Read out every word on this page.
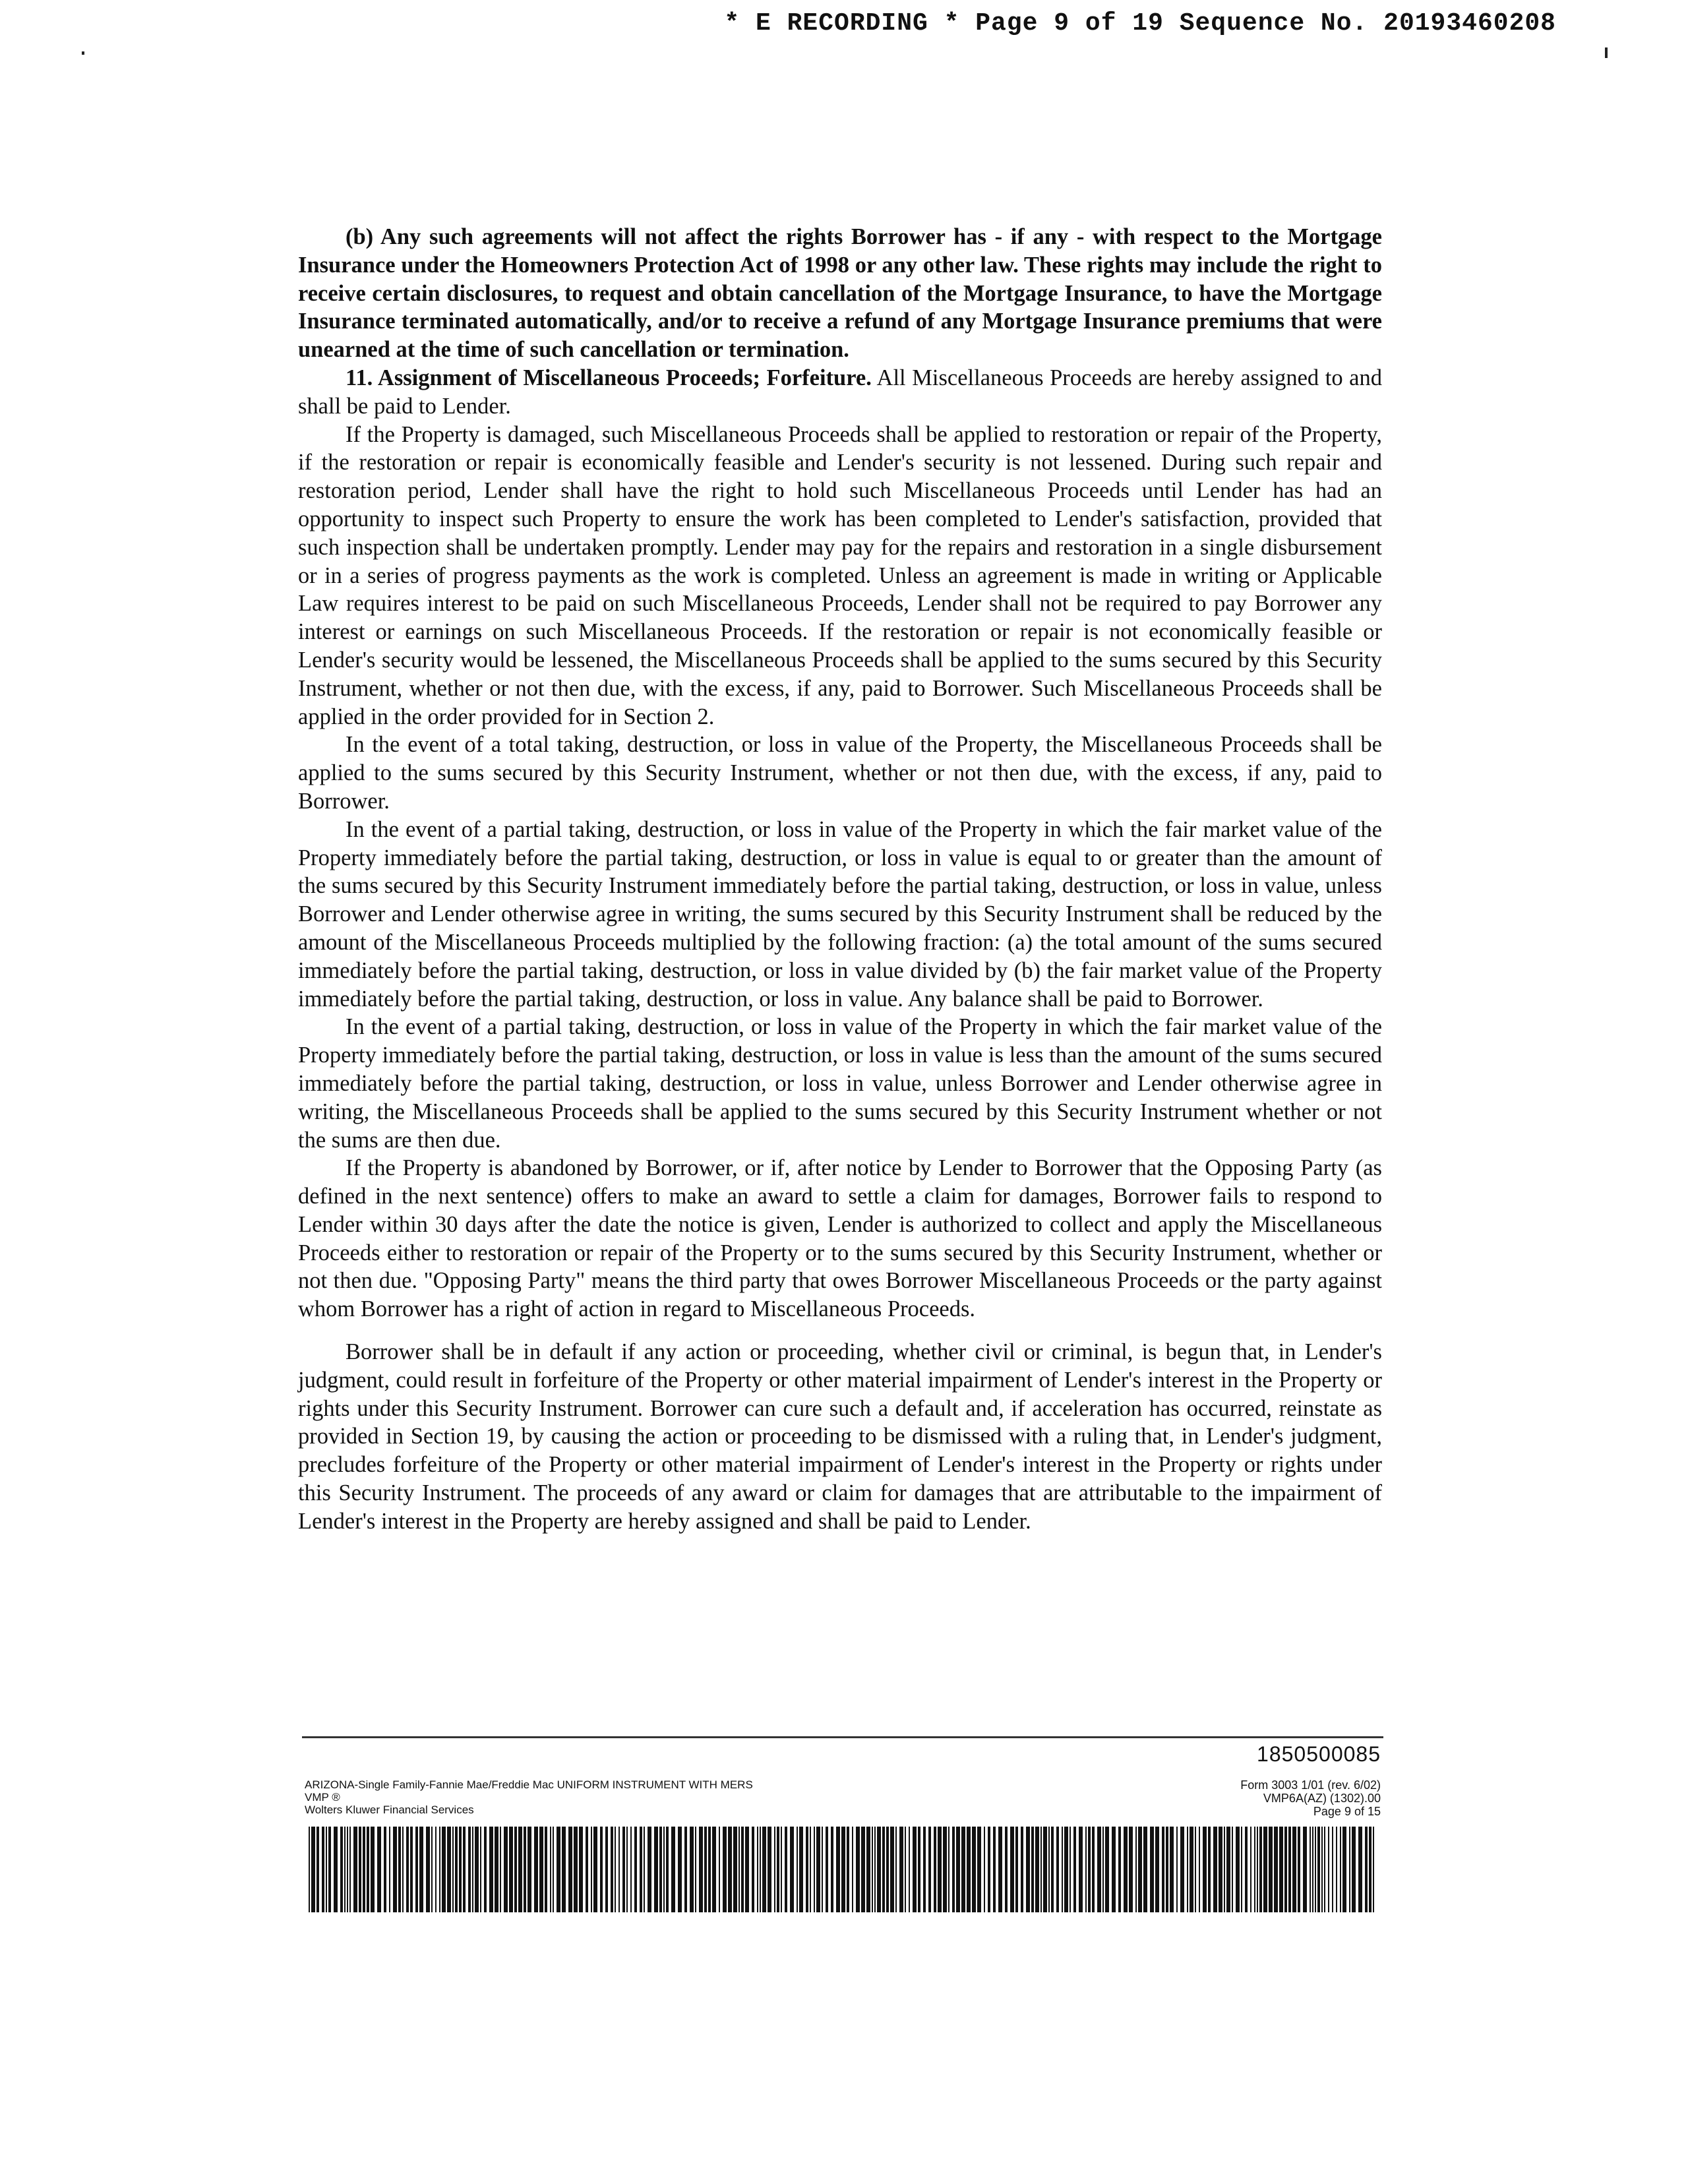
* E RECORDING * Page 9 of 19 Sequence No. 20193460208

(b) Any such agreements will not affect the rights Borrower has - if any - with respect to the Mortgage Insurance under the Homeowners Protection Act of 1998 or any other law. These rights may include the right to receive certain disclosures, to request and obtain cancellation of the Mortgage Insurance, to have the Mortgage Insurance terminated automatically, and/or to receive a refund of any Mortgage Insurance premiums that were unearned at the time of such cancellation or termination.

11. Assignment of Miscellaneous Proceeds; Forfeiture. All Miscellaneous Proceeds are hereby assigned to and shall be paid to Lender.

If the Property is damaged, such Miscellaneous Proceeds shall be applied to restoration or repair of the Property, if the restoration or repair is economically feasible and Lender's security is not lessened. During such repair and restoration period, Lender shall have the right to hold such Miscellaneous Proceeds until Lender has had an opportunity to inspect such Property to ensure the work has been completed to Lender's satisfaction, provided that such inspection shall be undertaken promptly. Lender may pay for the repairs and restoration in a single disbursement or in a series of progress payments as the work is completed. Unless an agreement is made in writing or Applicable Law requires interest to be paid on such Miscellaneous Proceeds, Lender shall not be required to pay Borrower any interest or earnings on such Miscellaneous Proceeds. If the restoration or repair is not economically feasible or Lender's security would be lessened, the Miscellaneous Proceeds shall be applied to the sums secured by this Security Instrument, whether or not then due, with the excess, if any, paid to Borrower. Such Miscellaneous Proceeds shall be applied in the order provided for in Section 2.

In the event of a total taking, destruction, or loss in value of the Property, the Miscellaneous Proceeds shall be applied to the sums secured by this Security Instrument, whether or not then due, with the excess, if any, paid to Borrower.

In the event of a partial taking, destruction, or loss in value of the Property in which the fair market value of the Property immediately before the partial taking, destruction, or loss in value is equal to or greater than the amount of the sums secured by this Security Instrument immediately before the partial taking, destruction, or loss in value, unless Borrower and Lender otherwise agree in writing, the sums secured by this Security Instrument shall be reduced by the amount of the Miscellaneous Proceeds multiplied by the following fraction: (a) the total amount of the sums secured immediately before the partial taking, destruction, or loss in value divided by (b) the fair market value of the Property immediately before the partial taking, destruction, or loss in value. Any balance shall be paid to Borrower.

In the event of a partial taking, destruction, or loss in value of the Property in which the fair market value of the Property immediately before the partial taking, destruction, or loss in value is less than the amount of the sums secured immediately before the partial taking, destruction, or loss in value, unless Borrower and Lender otherwise agree in writing, the Miscellaneous Proceeds shall be applied to the sums secured by this Security Instrument whether or not the sums are then due.

If the Property is abandoned by Borrower, or if, after notice by Lender to Borrower that the Opposing Party (as defined in the next sentence) offers to make an award to settle a claim for damages, Borrower fails to respond to Lender within 30 days after the date the notice is given, Lender is authorized to collect and apply the Miscellaneous Proceeds either to restoration or repair of the Property or to the sums secured by this Security Instrument, whether or not then due. "Opposing Party" means the third party that owes Borrower Miscellaneous Proceeds or the party against whom Borrower has a right of action in regard to Miscellaneous Proceeds.

Borrower shall be in default if any action or proceeding, whether civil or criminal, is begun that, in Lender's judgment, could result in forfeiture of the Property or other material impairment of Lender's interest in the Property or rights under this Security Instrument. Borrower can cure such a default and, if acceleration has occurred, reinstate as provided in Section 19, by causing the action or proceeding to be dismissed with a ruling that, in Lender's judgment, precludes forfeiture of the Property or other material impairment of Lender's interest in the Property or rights under this Security Instrument. The proceeds of any award or claim for damages that are attributable to the impairment of Lender's interest in the Property are hereby assigned and shall be paid to Lender.

1850500085
ARIZONA-Single Family-Fannie Mae/Freddie Mac UNIFORM INSTRUMENT WITH MERS
VMP ®
Wolters Kluwer Financial Services
Form 3003 1/01 (rev. 6/02)
VMP6A(AZ) (1302).00
Page 9 of 15
